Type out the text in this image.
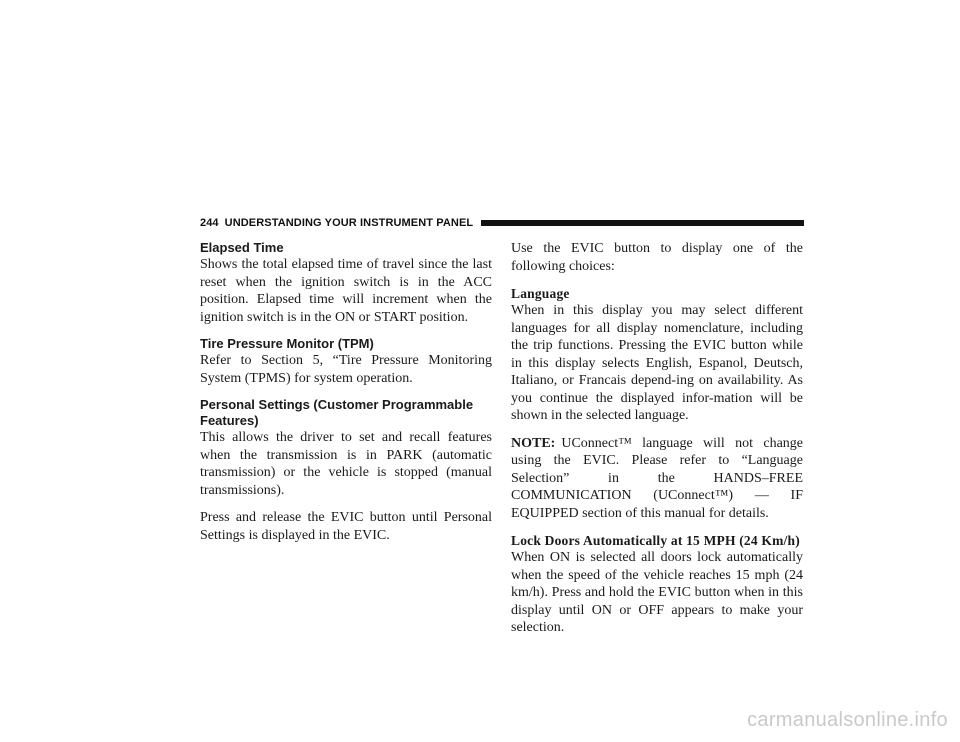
244 UNDERSTANDING YOUR INSTRUMENT PANEL
Elapsed Time

Shows the total elapsed time of travel since the last reset when the ignition switch is in the ACC position. Elapsed time will increment when the ignition switch is in the ON or START position.

Tire Pressure Monitor (TPM)

Refer to Section 5, “Tire Pressure Monitoring System (TPMS) for system operation.

Personal Settings (Customer Programmable Features)

This allows the driver to set and recall features when the transmission is in PARK (automatic transmission) or the vehicle is stopped (manual transmissions).

Press and release the EVIC button until Personal Settings is displayed in the EVIC.

Use the EVIC button to display one of the following choices:

Language

When in this display you may select different languages for all display nomenclature, including the trip functions. Pressing the EVIC button while in this display selects English, Espanol, Deutsch, Italiano, or Francais depend-ing on availability. As you continue the displayed infor-mation will be shown in the selected language.

NOTE: UConnect™ language will not change using the EVIC. Please refer to “Language Selection” in the HANDS–FREE COMMUNICATION (UConnect™) — IF EQUIPPED section of this manual for details.

Lock Doors Automatically at 15 MPH (24 Km/h)

When ON is selected all doors lock automatically when the speed of the vehicle reaches 15 mph (24 km/h). Press and hold the EVIC button when in this display until ON or OFF appears to make your selection.

carmanualsonline.info
